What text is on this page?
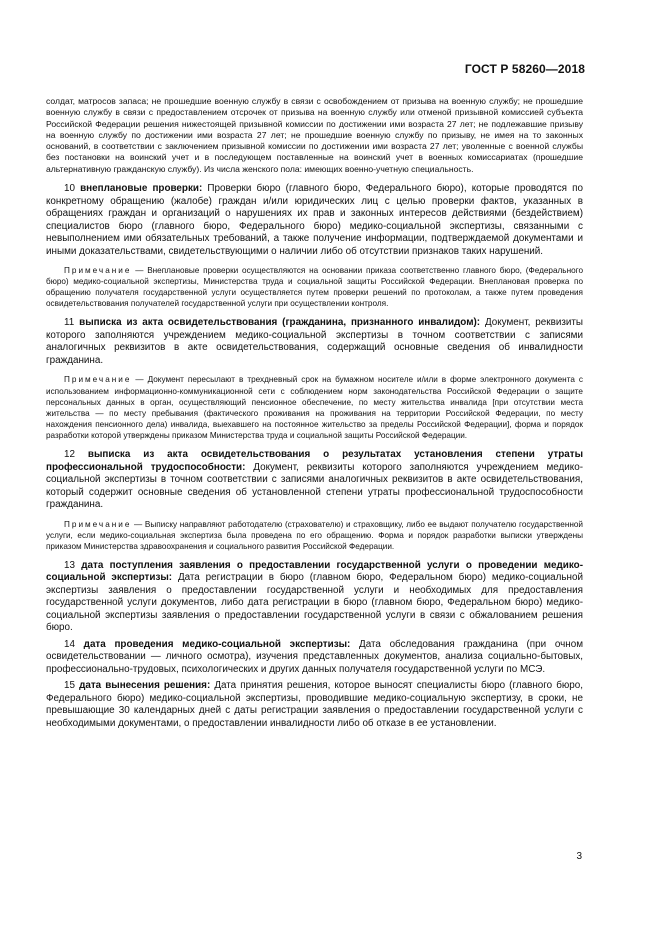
ГОСТ Р 58260—2018

солдат, матросов запаса; не прошедшие военную службу в связи с освобождением от призыва на военную службу; не прошедшие военную службу в связи с предоставлением отсрочек от призыва на военную службу или отменой призывной комиссией субъекта Российской Федерации решения нижестоящей призывной комиссии по достижении ими возраста 27 лет; не подлежавшие призыву на военную службу по достижении ими возраста 27 лет; не прошедшие военную службу по призыву, не имея на то законных оснований, в соответствии с заключением призывной комиссии по достижении ими возраста 27 лет; уволенные с военной службы без постановки на воинский учет и в последующем поставленные на воинский учет в военных комиссариатах (прошедшие альтернативную гражданскую службу). Из числа женского пола: имеющих военно-учетную специальность.

10 внеплановые проверки: Проверки бюро (главного бюро, Федерального бюро), которые проводятся по конкретному обращению (жалобе) граждан и/или юридических лиц с целью проверки фактов, указанных в обращениях граждан и организаций о нарушениях их прав и законных интересов действиями (бездействием) специалистов бюро (главного бюро, Федерального бюро) медико-социальной экспертизы, связанными с невыполнением ими обязательных требований, а также получение информации, подтверждаемой документами и иными доказательствами, свидетельствующими о наличии либо об отсутствии признаков таких нарушений.

Примечание — Внеплановые проверки осуществляются на основании приказа соответственно главного бюро, (Федерального бюро) медико-социальной экспертизы, Министерства труда и социальной защиты Российской Федерации. Внеплановая проверка по обращению получателя государственной услуги осуществляется путем проверки решений по протоколам, а также путем проведения освидетельствования получателей государственной услуги при осуществлении контроля.

11 выписка из акта освидетельствования (гражданина, признанного инвалидом): Документ, реквизиты которого заполняются учреждением медико-социальной экспертизы в точном соответствии с записями аналогичных реквизитов в акте освидетельствования, содержащий основные сведения об инвалидности гражданина.

Примечание — Документ пересылают в трехдневный срок на бумажном носителе и/или в форме электронного документа с использованием информационно-коммуникационной сети с соблюдением норм законодательства Российской Федерации о защите персональных данных в орган, осуществляющий пенсионное обеспечение, по месту жительства инвалида [при отсутствии места жительства — по месту пребывания (фактического проживания на проживания на территории Российской Федерации, по месту нахождения пенсионного дела) инвалида, выехавшего на постоянное жительство за пределы Российской Федерации], форма и порядок разработки которой утверждены приказом Министерства труда и социальной защиты Российской Федерации.

12 выписка из акта освидетельствования о результатах установления степени утраты профессиональной трудоспособности: Документ, реквизиты которого заполняются учреждением медико-социальной экспертизы в точном соответствии с записями аналогичных реквизитов в акте освидетельствования, который содержит основные сведения об установленной степени утраты профессиональной трудоспособности гражданина.

Примечание — Выписку направляют работодателю (страхователю) и страховщику, либо ее выдают получателю государственной услуги, если медико-социальная экспертиза была проведена по его обращению. Форма и порядок разработки выписки утверждены приказом Министерства здравоохранения и социального развития Российской Федерации.

13 дата поступления заявления о предоставлении государственной услуги о проведении медико-социальной экспертизы: Дата регистрации в бюро (главном бюро, Федеральном бюро) медико-социальной экспертизы заявления о предоставлении государственной услуги и необходимых для предоставления государственной услуги документов, либо дата регистрации в бюро (главном бюро, Федеральном бюро) медико-социальной экспертизы заявления о предоставлении государственной услуги в связи с обжалованием решения бюро.

14 дата проведения медико-социальной экспертизы: Дата обследования гражданина (при очном освидетельствовании — личного осмотра), изучения представленных документов, анализа социально-бытовых, профессионально-трудовых, психологических и других данных получателя государственной услуги по МСЭ.

15 дата вынесения решения: Дата принятия решения, которое выносят специалисты бюро (главного бюро, Федерального бюро) медико-социальной экспертизы, проводившие медико-социальную экспертизу, в сроки, не превышающие 30 календарных дней с даты регистрации заявления о предоставлении государственной услуги с необходимыми документами, о предоставлении инвалидности либо об отказе в ее установлении.

3
